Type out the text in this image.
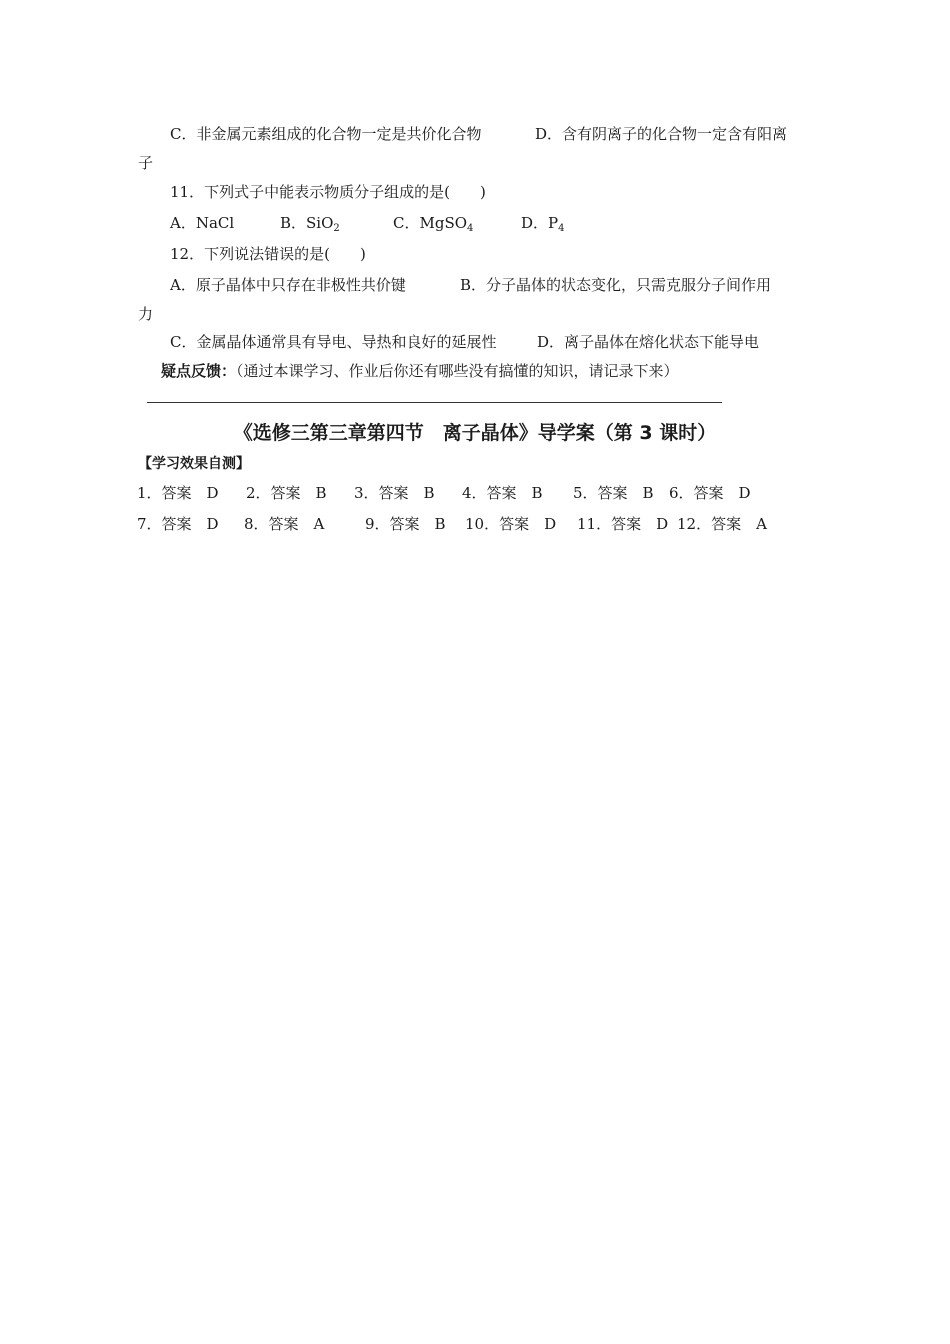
C．非金属元素组成的化合物一定是共价化合物	D．含有阴离子的化合物一定含有阳离
子
11．下列式子中能表示物质分子组成的是(　　)
A．NaCl	B．SiO$_2$	C．MgSO$_4$	D．$P_4$
12．下列说法错误的是(　　)
A．原子晶体中只存在非极性共价键	B．分子晶体的状态变化，只需克服分子间作用
力
C．金属晶体通常具有导电、导热和良好的延展性	D．离子晶体在熔化状态下能导电
疑点反馈：（通过本课学习、作业后你还有哪些没有搞懂的知识，请记录下来）
《选修三第三章第四节　离子晶体》导学案（第 3 课时）
【学习效果自测】
1．答案　D 2．答案　B 3．答案　B 4．答案　B 5．答案　B 6．答案　D
7．答案　D 8．答案　A	9．答案　B 10．答案　D 11．答案　D 12．答案　A
